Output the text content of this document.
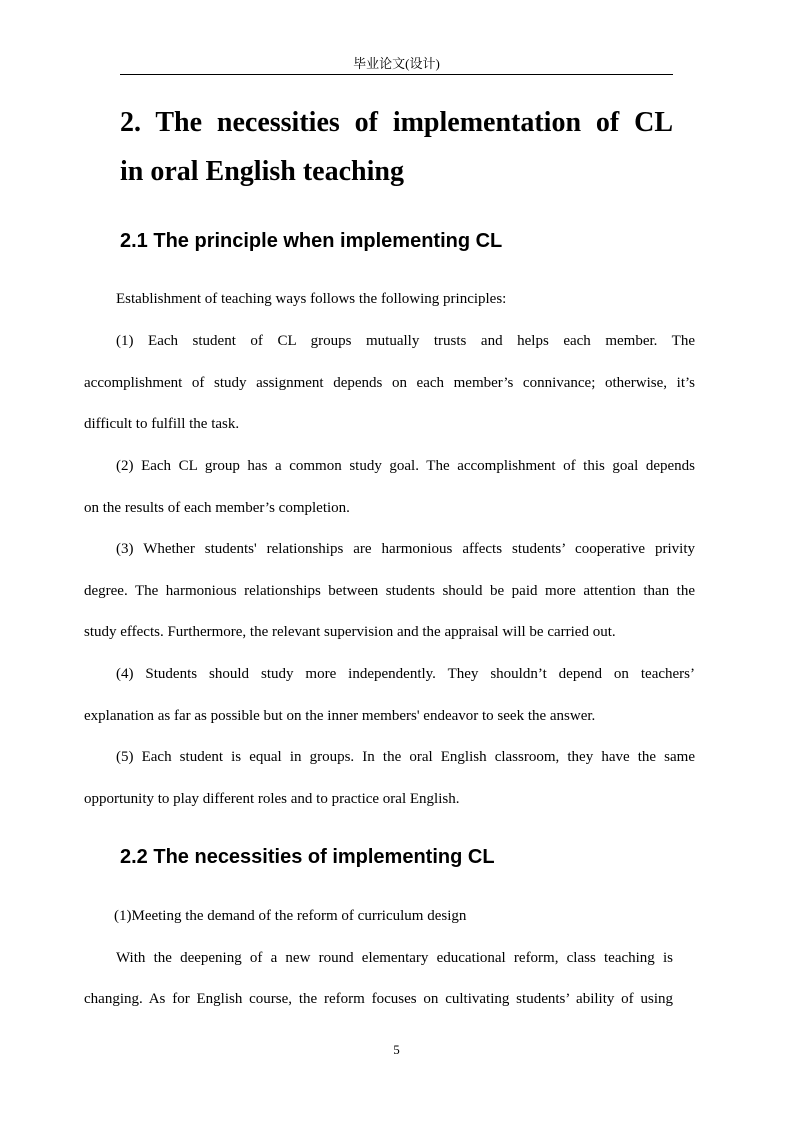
毕业论文(设计)
2. The necessities of implementation of CL
in oral English teaching
2.1 The principle when implementing CL
Establishment of teaching ways follows the following principles:
(1) Each student of CL groups mutually trusts and helps each member. The
accomplishment of study assignment depends on each member’s connivance; otherwise, it’s
difficult to fulfill the task.
(2) Each CL group has a common study goal. The accomplishment of this goal depends
on the results of each member’s completion.
(3) Whether students' relationships are harmonious affects students’ cooperative privity
degree. The harmonious relationships between students should be paid more attention than the
study effects. Furthermore, the relevant supervision and the appraisal will be carried out.
(4) Students should study more independently. They shouldn’t depend on teachers’
explanation as far as possible but on the inner members' endeavor to seek the answer.
(5) Each student is equal in groups. In the oral English classroom, they have the same
opportunity to play different roles and to practice oral English.
2.2 The necessities of implementing CL
(1)Meeting the demand of the reform of curriculum design
With the deepening of a new round elementary educational reform, class teaching is
changing. As for English course, the reform focuses on cultivating students’ ability of using
5
